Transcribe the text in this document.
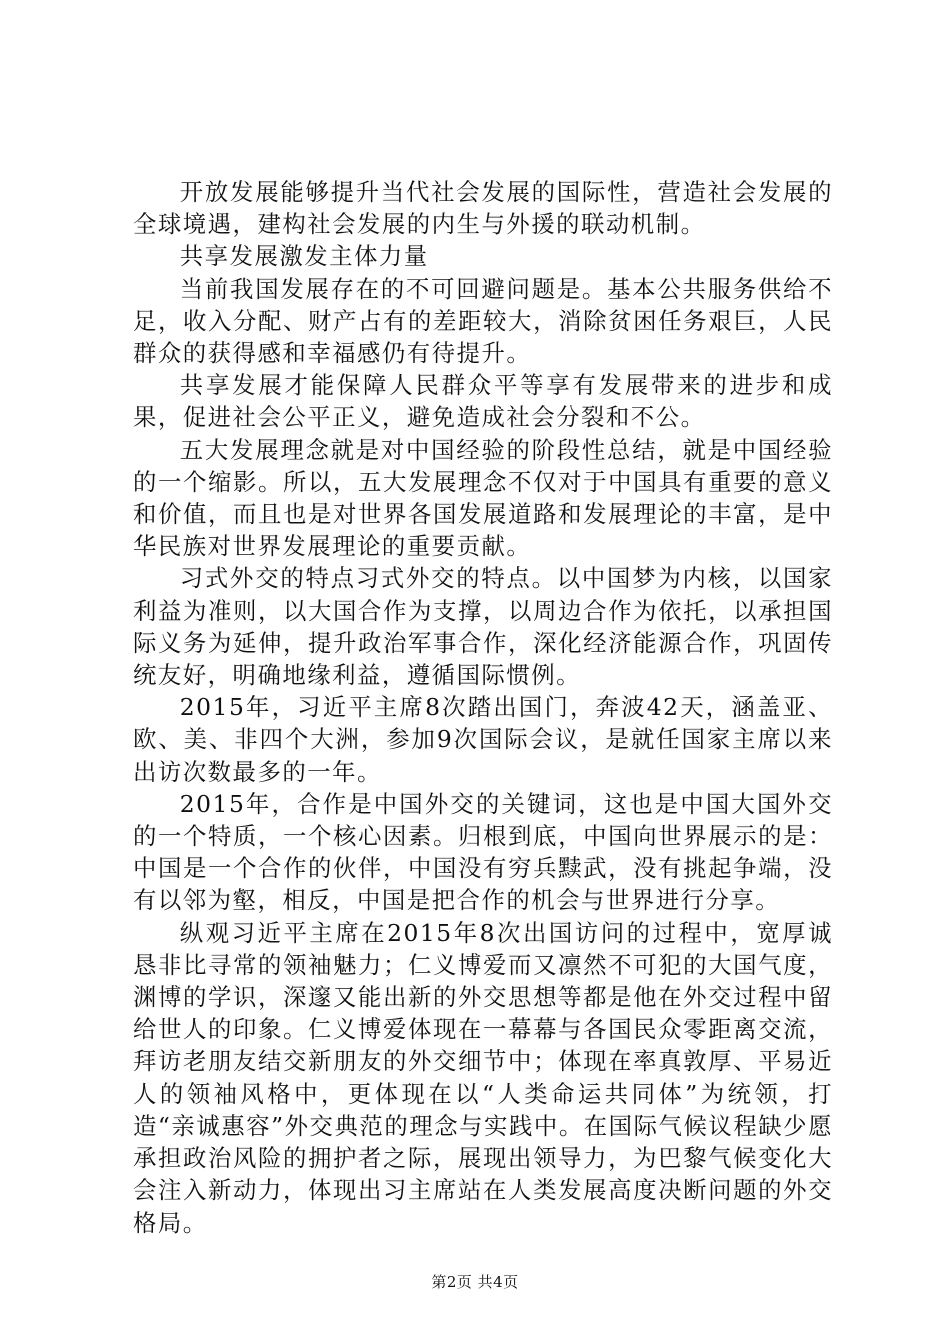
开放发展能够提升当代社会发展的国际性，营造社会发展的全球境遇，建构社会发展的内生与外援的联动机制。

共享发展激发主体力量

当前我国发展存在的不可回避问题是。基本公共服务供给不足，收入分配、财产占有的差距较大，消除贫困任务艰巨，人民群众的获得感和幸福感仍有待提升。

共享发展才能保障人民群众平等享有发展带来的进步和成果，促进社会公平正义，避免造成社会分裂和不公。

五大发展理念就是对中国经验的阶段性总结，就是中国经验的一个缩影。所以，五大发展理念不仅对于中国具有重要的意义和价值，而且也是对世界各国发展道路和发展理论的丰富，是中华民族对世界发展理论的重要贡献。

习式外交的特点习式外交的特点。以中国梦为内核，以国家利益为准则，以大国合作为支撑，以周边合作为依托，以承担国际义务为延伸，提升政治军事合作，深化经济能源合作，巩固传统友好，明确地缘利益，遵循国际惯例。

2015年，习近平主席8次踏出国门，奔波42天，涵盖亚、欧、美、非四个大洲，参加9次国际会议，是就任国家主席以来出访次数最多的一年。

2015年，合作是中国外交的关键词，这也是中国大国外交的一个特质，一个核心因素。归根到底，中国向世界展示的是：中国是一个合作的伙伴，中国没有穷兵黩武，没有挑起争端，没有以邻为壑，相反，中国是把合作的机会与世界进行分享。

纵观习近平主席在2015年8次出国访问的过程中，宽厚诚恳非比寻常的领袖魅力；仁义博爱而又凛然不可犯的大国气度，渊博的学识，深邃又能出新的外交思想等都是他在外交过程中留给世人的印象。仁义博爱体现在一幕幕与各国民众零距离交流，拜访老朋友结交新朋友的外交细节中；体现在率真敦厚、平易近人的领袖风格中，更体现在以“人类命运共同体”为统领，打造“亲诚惠容”外交典范的理念与实践中。在国际气候议程缺少愿承担政治风险的拥护者之际，展现出领导力，为巴黎气候变化大会注入新动力，体现出习主席站在人类发展高度决断问题的外交格局。

第2页 共4页
